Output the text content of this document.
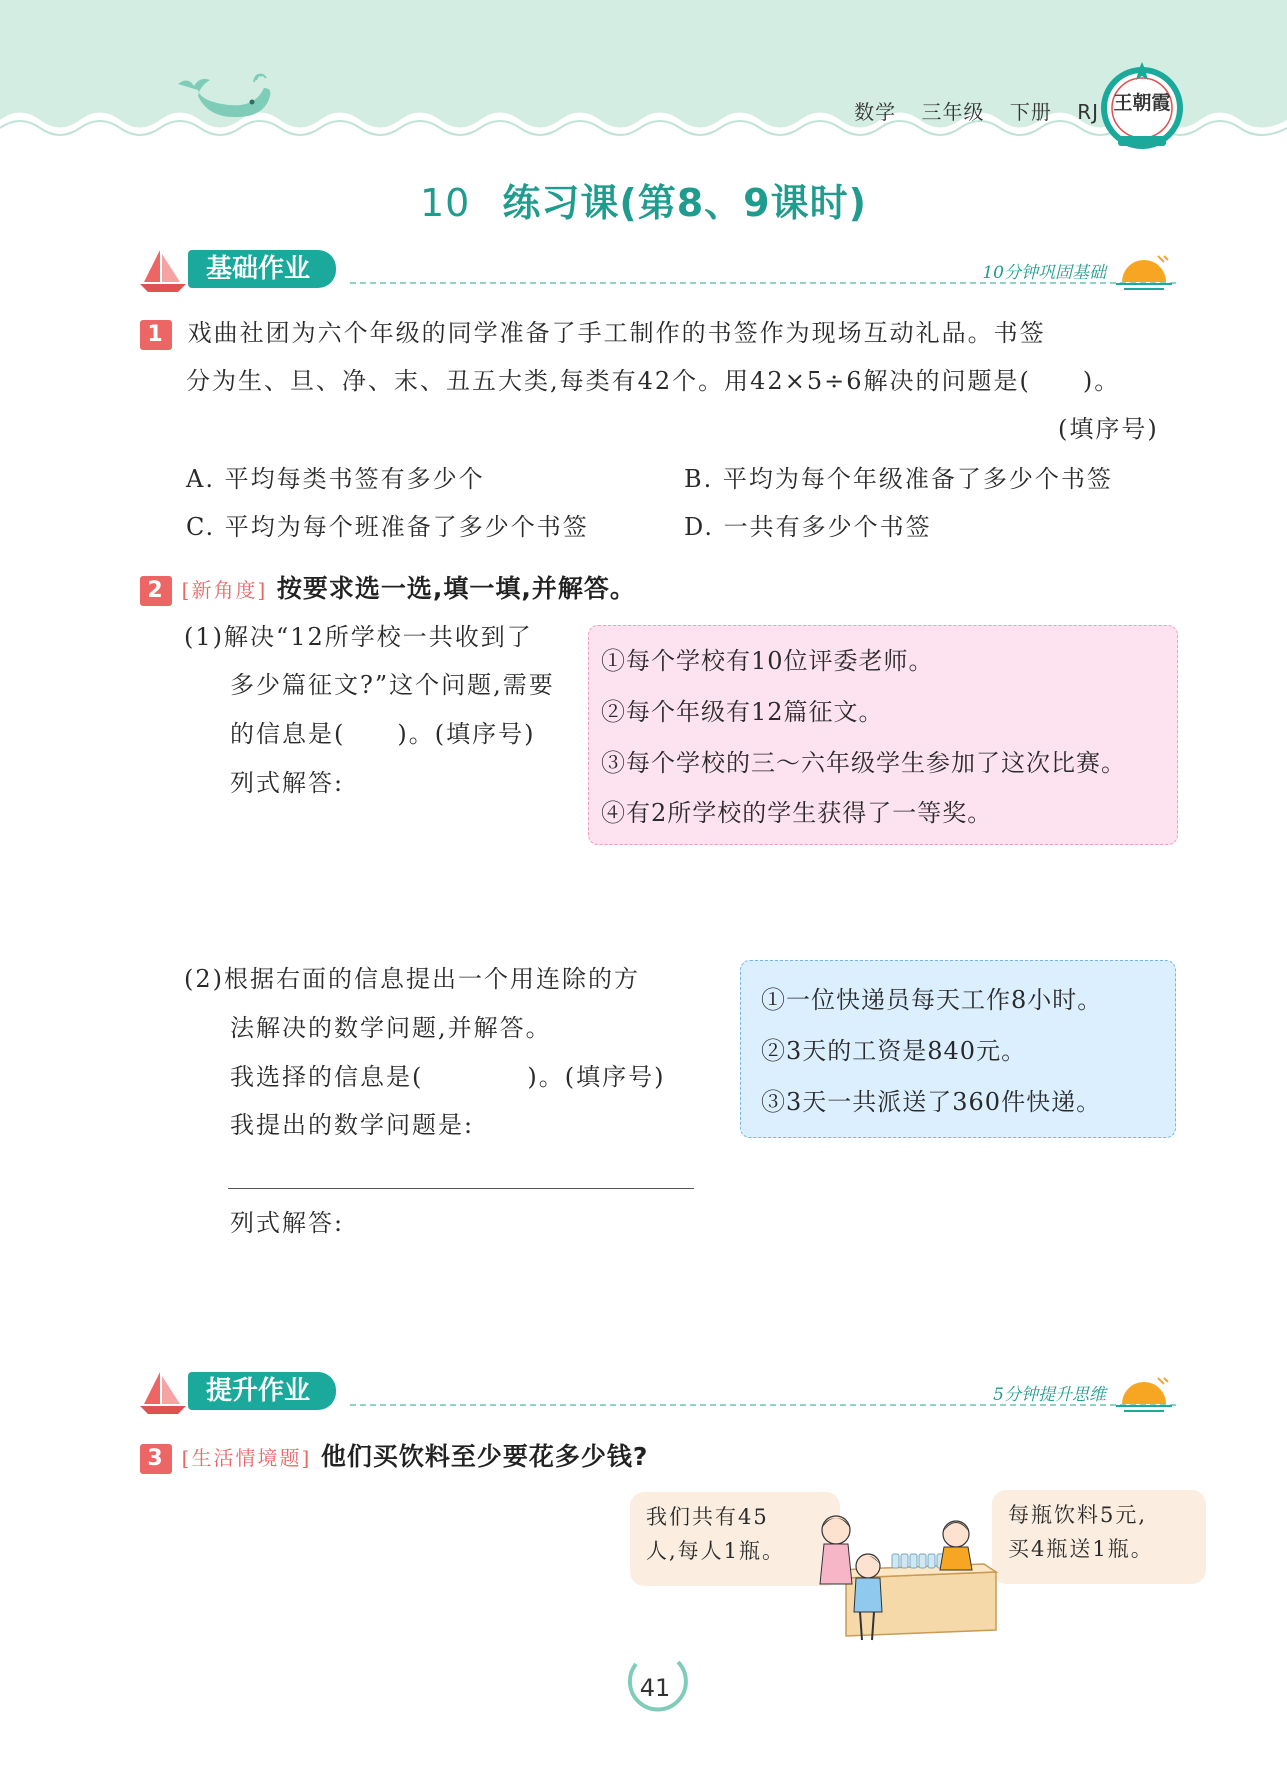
数学 三年级 下册 RJ 王朝霞
10 练习课(第8、9课时)
基础作业	10分钟巩固基础
1 戏曲社团为六个年级的同学准备了手工制作的书签作为现场互动礼品。书签
分为生、旦、净、末、丑五大类,每类有42个。用42×5÷6解决的问题是(　　)。
(填序号)
A. 平均每类书签有多少个	B. 平均为每个年级准备了多少个书签
C. 平均为每个班准备了多少个书签	D. 一共有多少个书签
2 [新角度] 按要求选一选,填一填,并解答。
(1)解决“12所学校一共收到了
多少篇征文?”这个问题,需要
的信息是(　　)。(填序号)
列式解答:
①每个学校有10位评委老师。
②每个年级有12篇征文。
③每个学校的三～六年级学生参加了这次比赛。
④有2所学校的学生获得了一等奖。
(2)根据右面的信息提出一个用连除的方
法解决的数学问题,并解答。
我选择的信息是(　　　　)。(填序号)
我提出的数学问题是:
列式解答:
①一位快递员每天工作8小时。
②3天的工资是840元。
③3天一共派送了360件快递。
提升作业	5分钟提升思维
3 [生活情境题] 他们买饮料至少要花多少钱?
我们共有45
人,每人1瓶。
每瓶饮料5元,
买4瓶送1瓶。
41
